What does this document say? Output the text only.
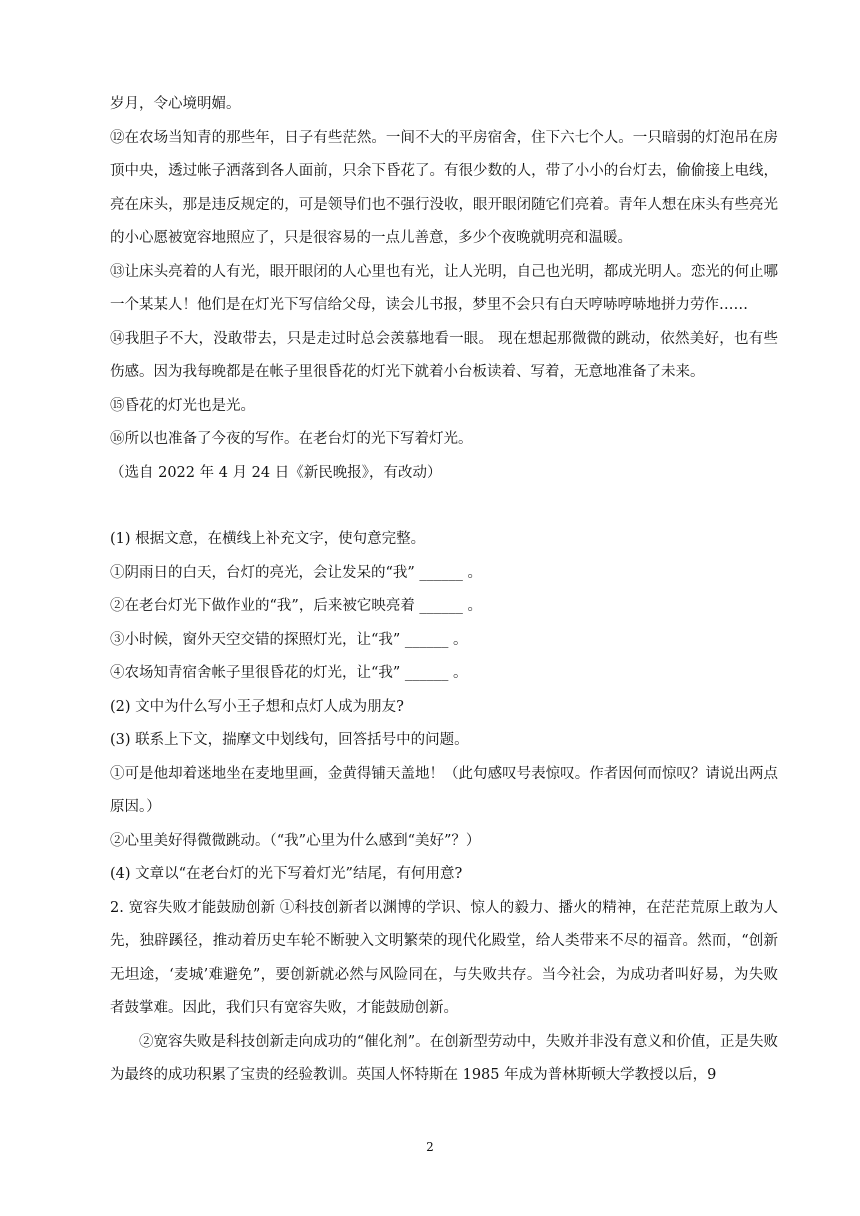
岁月，令心境明媚。

⑫在农场当知青的那些年，日子有些茫然。一间不大的平房宿舍，住下六七个人。一只暗弱的灯泡吊在房顶中央，透过帐子洒落到各人面前，只余下昏花了。有很少数的人，带了小小的台灯去，偷偷接上电线，亮在床头，那是违反规定的，可是领导们也不强行没收，眼开眼闭随它们亮着。青年人想在床头有些亮光的小心愿被宽容地照应了，只是很容易的一点儿善意，多少个夜晚就明亮和温暖。

⑬让床头亮着的人有光，眼开眼闭的人心里也有光，让人光明，自己也光明，都成光明人。恋光的何止哪一个某某人！他们是在灯光下写信给父母，读会儿书报，梦里不会只有白天哼哧哼哧地拼力劳作……

⑭我胆子不大，没敢带去，只是走过时总会羡慕地看一眼。 现在想起那微微的跳动，依然美好，也有些伤感。因为我每晚都是在帐子里很昏花的灯光下就着小台板读着、写着，无意地准备了未来。

⑮昏花的灯光也是光。

⑯所以也准备了今夜的写作。在老台灯的光下写着灯光。

（选自 2022 年 4 月 24 日《新民晚报》，有改动）

(1) 根据文意，在横线上补充文字，使句意完整。

①阴雨日的白天，台灯的亮光，会让发呆的“我” ______ 。

②在老台灯光下做作业的“我”，后来被它映亮着 ______ 。

③小时候，窗外天空交错的探照灯光，让“我” ______ 。

④农场知青宿舍帐子里很昏花的灯光，让“我” ______ 。

(2) 文中为什么写小王子想和点灯人成为朋友?

(3) 联系上下文，揣摩文中划线句，回答括号中的问题。

①可是他却着迷地坐在麦地里画，金黄得铺天盖地！（此句感叹号表惊叹。作者因何而惊叹？请说出两点原因。）

②心里美好得微微跳动。（“我”心里为什么感到“美好”？）

(4) 文章以“在老台灯的光下写着灯光”结尾，有何用意?

2. 宽容失败才能鼓励创新 ①科技创新者以渊博的学识、惊人的毅力、播火的精神，在茫茫荒原上敢为人先，独辟蹊径，推动着历史车轮不断驶入文明繁荣的现代化殿堂，给人类带来不尽的福音。然而，“创新无坦途，‘麦城’难避免”，要创新就必然与风险同在，与失败共存。当今社会，为成功者叫好易，为失败者鼓掌难。因此，我们只有宽容失败，才能鼓励创新。

②宽容失败是科技创新走向成功的“催化剂”。在创新型劳动中，失败并非没有意义和价值，正是失败为最终的成功积累了宝贵的经验教训。英国人怀特斯在 1985 年成为普林斯顿大学教授以后，9

2
